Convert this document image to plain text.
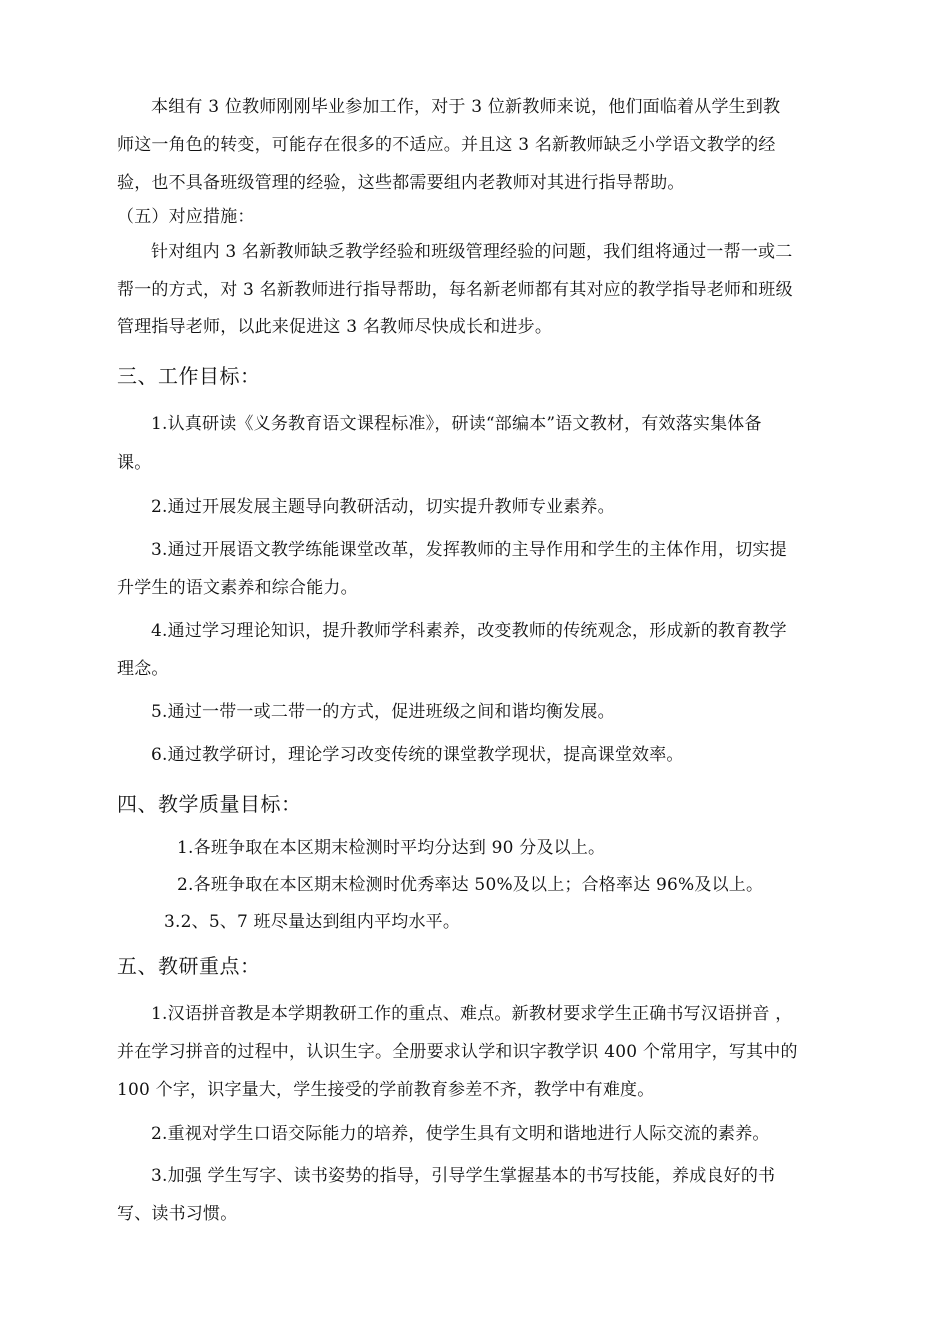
本组有 3 位教师刚刚毕业参加工作，对于 3 位新教师来说，他们面临着从学生到教
师这一角色的转变，可能存在很多的不适应。并且这 3 名新教师缺乏小学语文教学的经
验，也不具备班级管理的经验，这些都需要组内老教师对其进行指导帮助。
（五）对应措施：
针对组内 3 名新教师缺乏教学经验和班级管理经验的问题，我们组将通过一帮一或二
帮一的方式，对 3 名新教师进行指导帮助，每名新老师都有其对应的教学指导老师和班级
管理指导老师，以此来促进这 3 名教师尽快成长和进步。
三、工作目标：
1.认真研读《义务教育语文课程标准》，研读“部编本”语文教材，有效落实集体备
课。
2.通过开展发展主题导向教研活动，切实提升教师专业素养。
3.通过开展语文教学练能课堂改革，发挥教师的主导作用和学生的主体作用，切实提
升学生的语文素养和综合能力。
4.通过学习理论知识，提升教师学科素养，改变教师的传统观念，形成新的教育教学
理念。
5.通过一带一或二带一的方式，促进班级之间和谐均衡发展。
6.通过教学研讨，理论学习改变传统的课堂教学现状，提高课堂效率。
四、教学质量目标：
1.各班争取在本区期末检测时平均分达到 90 分及以上。
2.各班争取在本区期末检测时优秀率达 50%及以上；合格率达 96%及以上。
3.2、5、7 班尽量达到组内平均水平。
五、教研重点：
1.汉语拼音教是本学期教研工作的重点、难点。新教材要求学生正确书写汉语拼音 ，
并在学习拼音的过程中，认识生字。全册要求认学和识字教学识 400 个常用字，写其中的
100 个字，识字量大，学生接受的学前教育参差不齐，教学中有难度。
2.重视对学生口语交际能力的培养，使学生具有文明和谐地进行人际交流的素养。
3.加强 学生写字、读书姿势的指导，引导学生掌握基本的书写技能，养成良好的书
写、读书习惯。
